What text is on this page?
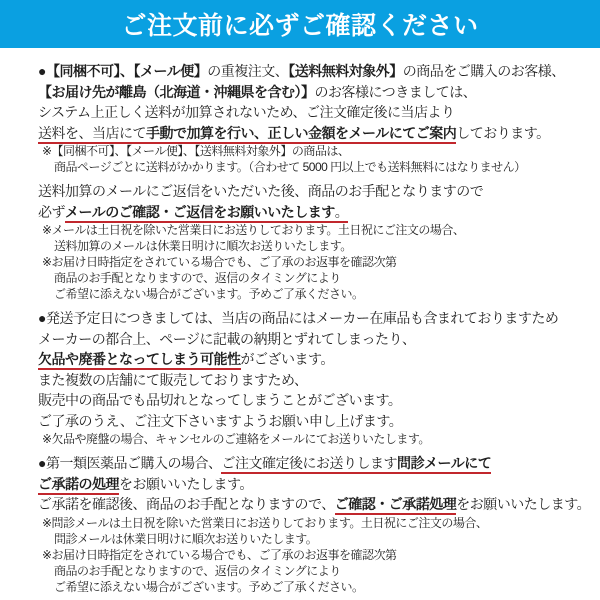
ご注文前に必ずご確認ください
●【同梱不可】、【メール便】の重複注文、【送料無料対象外】の商品をご購入のお客様、
【お届け先が離島（北海道・沖縄県を含む）】のお客様につきましては、
システム上正しく送料が加算されないため、ご注文確定後に当店より
送料を、当店にて手動で加算を行い、正しい金額をメールにてご案内しております。
※【同梱不可】、【メール便】、【送料無料対象外】の商品は、
商品ページごとに送料がかかります。（合わせて 5000 円以上でも送料無料にはなりません）
送料加算のメールにご返信をいただいた後、商品のお手配となりますので
必ずメールのご確認・ご返信をお願いいたします。
※メールは土日祝を除いた営業日にお送りしております。土日祝にご注文の場合、
送料加算のメールは休業日明けに順次お送りいたします。
※お届け日時指定をされている場合でも、ご了承のお返事を確認次第
商品のお手配となりますので、返信のタイミングにより
ご希望に添えない場合がございます。予めご了承ください。
●発送予定日につきましては、当店の商品にはメーカー在庫品も含まれておりますため
メーカーの都合上、ページに記載の納期とずれてしまったり、
欠品や廃番となってしまう可能性がございます。
また複数の店舗にて販売しておりますため、
販売中の商品でも品切れとなってしまうことがございます。
ご了承のうえ、ご注文下さいますようお願い申し上げます。
※欠品や廃盤の場合、キャンセルのご連絡をメールにてお送りいたします。
●第一類医薬品ご購入の場合、ご注文確定後にお送りします問診メールにて
ご承諾の処理をお願いいたします。
ご承諾を確認後、商品のお手配となりますので、ご確認・ご承諾処理をお願いいたします。
※問診メールは土日祝を除いた営業日にお送りしております。土日祝にご注文の場合、
問診メールは休業日明けに順次お送りいたします。
※お届け日時指定をされている場合でも、ご了承のお返事を確認次第
商品のお手配となりますので、返信のタイミングにより
ご希望に添えない場合がございます。予めご了承ください。
